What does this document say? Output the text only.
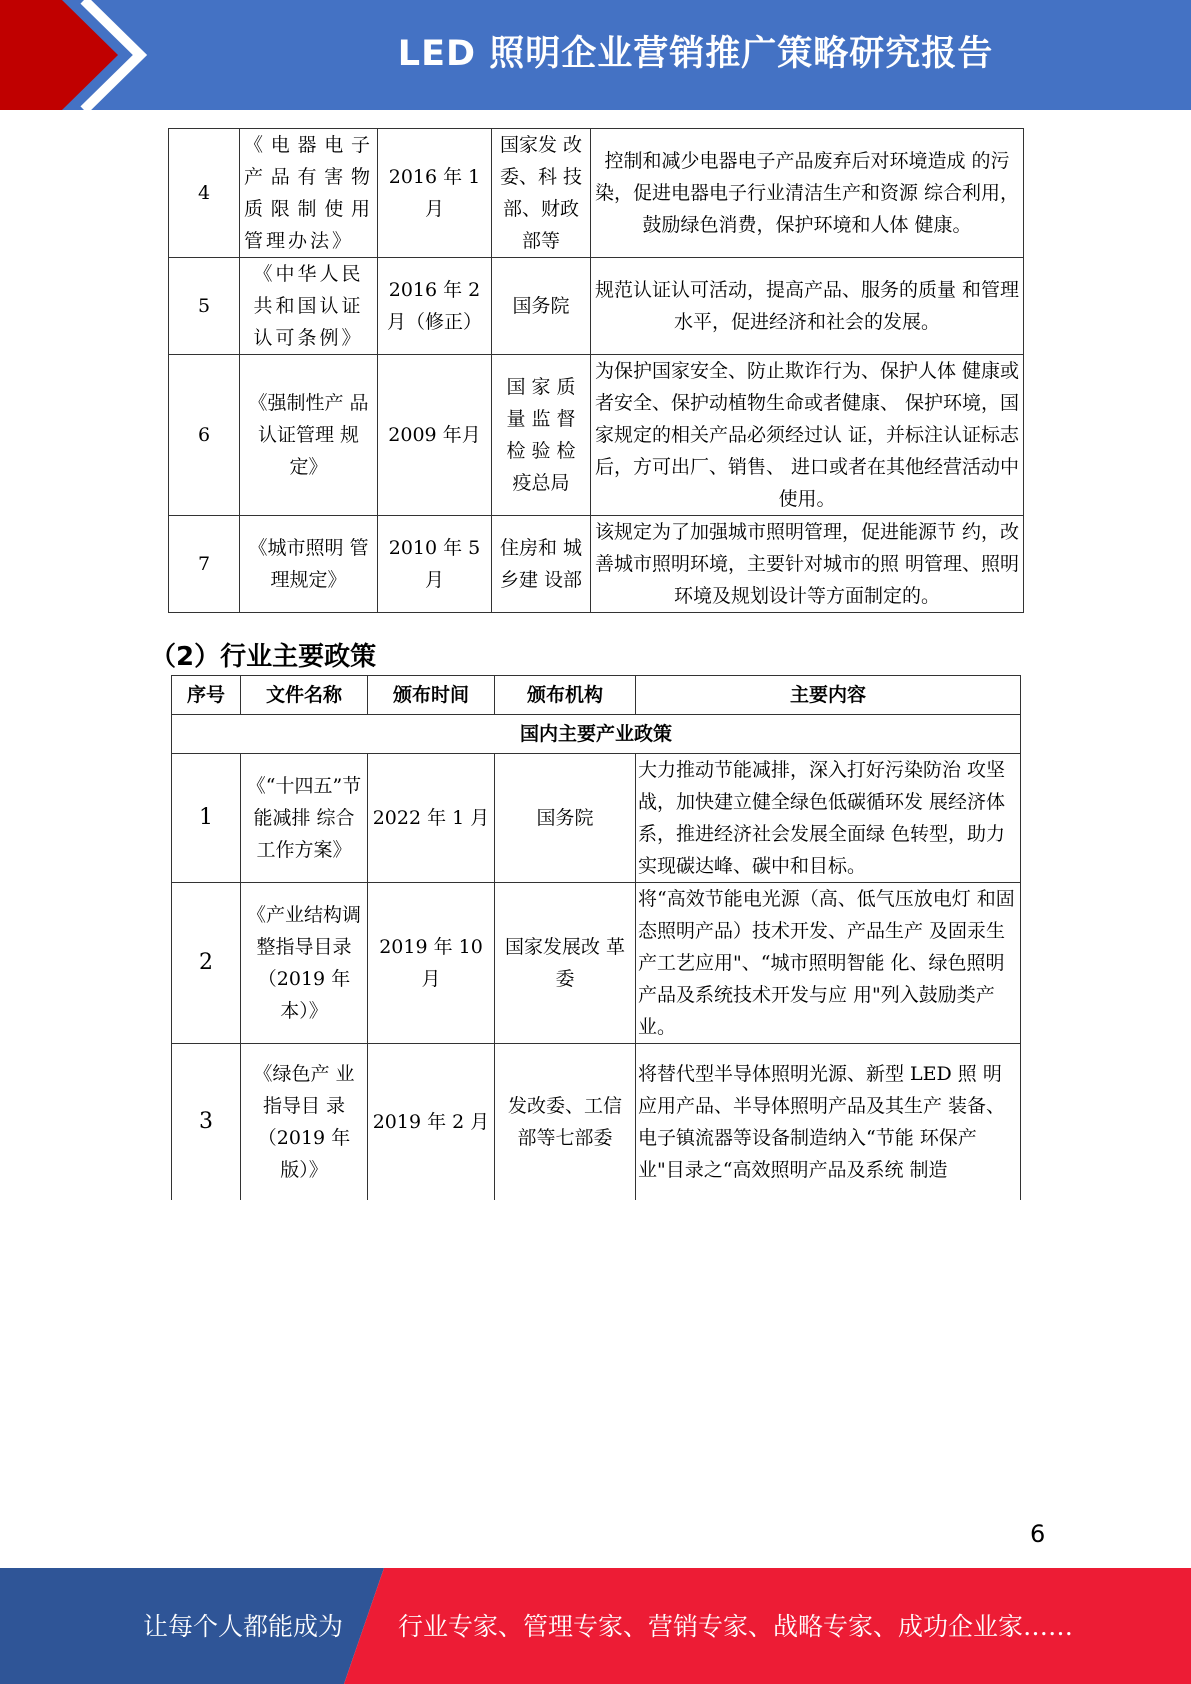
LED 照明企业营销推广策略研究报告
4	《电器电子产品有害物质限制使用管理办法》	2016 年 1 月	国家发 改委、科 技部、财政部等	控制和减少电器电子产品废弃后对环境造成 的污染，促进电器电子行业清洁生产和资源 综合利用，鼓励绿色消费，保护环境和人体 健康。
5	《中华人民共和国认证认可条例》	2016 年 2 月（修正）	国务院	规范认证认可活动，提高产品、服务的质量 和管理水平，促进经济和社会的发展。
6	《强制性产 品认证管理 规定》	2009 年月	国 家 质 量 监 督 检 验 检 疫总局	为保护国家安全、防止欺诈行为、保护人体 健康或者安全、保护动植物生命或者健康、 保护环境，国家规定的相关产品必须经过认 证，并标注认证标志后，方可出厂、销售、 进口或者在其他经营活动中使用。
7	《城市照明 管理规定》	2010 年 5 月	住房和 城乡建 设部	该规定为了加强城市照明管理，促进能源节 约，改善城市照明环境，主要针对城市的照 明管理、照明环境及规划设计等方面制定的。
（2）行业主要政策
序号	文件名称	颁布时间	颁布机构	主要内容
国内主要产业政策				
1	《“十四五”节能减排 综合工作方案》	2022 年 1 月	国务院	大力推动节能减排，深入打好污染防治 攻坚战，加快建立健全绿色低碳循环发 展经济体系，推进经济社会发展全面绿 色转型，助力实现碳达峰、碳中和目标。
2	《产业结构调整指导目录（2019 年本）》	2019 年 10 月	国家发展改 革委	将“高效节能电光源（高、低气压放电灯 和固态照明产品）技术开发、产品生产 及固汞生产工艺应用"、“城市照明智能 化、绿色照明产品及系统技术开发与应 用"列入鼓励类产业。
3	《绿色产 业指导目 录（2019 年版）》	2019 年 2 月	发改委、工信部等七部委	将替代型半导体照明光源、新型 LED 照 明应用产品、半导体照明产品及其生产 装备、电子镇流器等设备制造纳入“节能 环保产业"目录之“高效照明产品及系统 制造
6
让每个人都能成为 行业专家、管理专家、营销专家、战略专家、成功企业家……
